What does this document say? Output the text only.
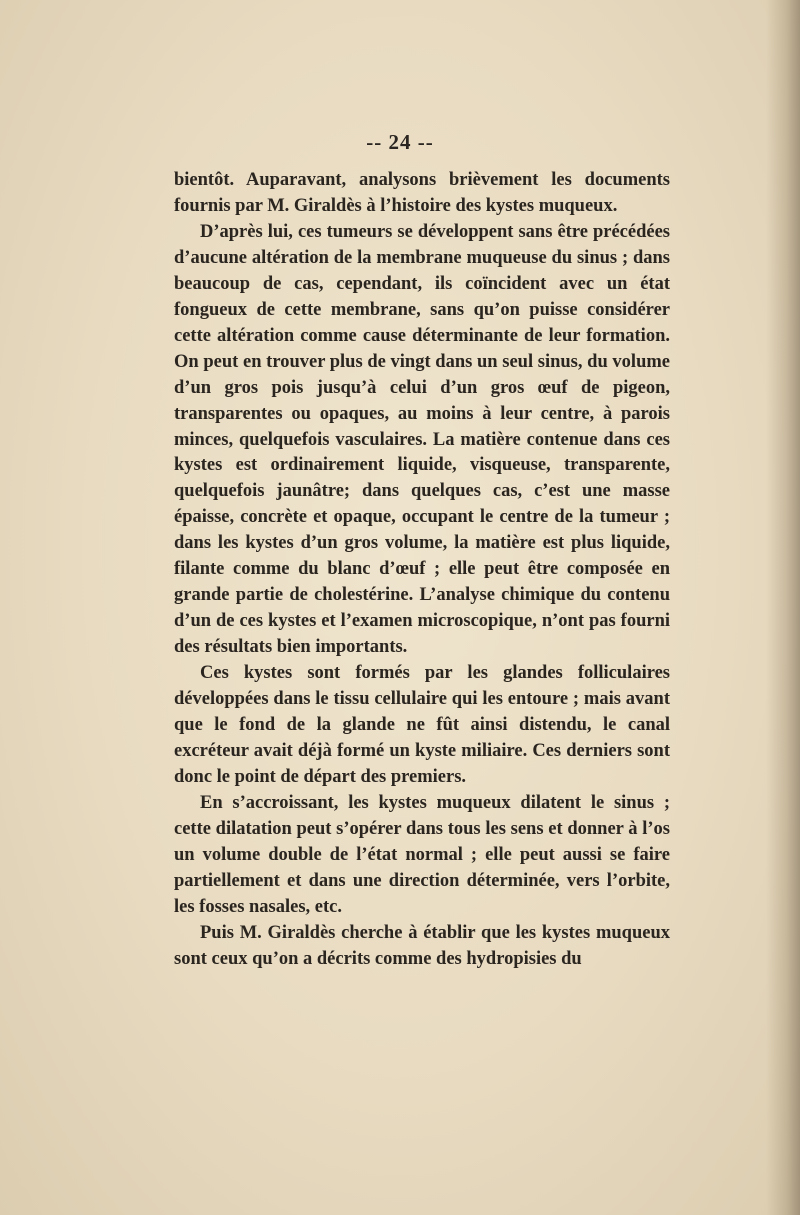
-- 24 --

bientôt. Auparavant, analysons brièvement les documents fournis par M. Giraldès à l’histoire des kystes muqueux.

D’après lui, ces tumeurs se développent sans être précédées d’aucune altération de la membrane muqueuse du sinus ; dans beaucoup de cas, cependant, ils coïncident avec un état fongueux de cette membrane, sans qu’on puisse considérer cette altération comme cause déterminante de leur formation. On peut en trouver plus de vingt dans un seul sinus, du volume d’un gros pois jusqu’à celui d’un gros œuf de pigeon, transparentes ou opaques, au moins à leur centre, à parois minces, quelquefois vasculaires. La matière contenue dans ces kystes est ordinairement liquide, visqueuse, transparente, quelquefois jaunâtre; dans quelques cas, c’est une masse épaisse, concrète et opaque, occupant le centre de la tumeur ; dans les kystes d’un gros volume, la matière est plus liquide, filante comme du blanc d’œuf ; elle peut être composée en grande partie de cholestérine. L’analyse chimique du contenu d’un de ces kystes et l’examen microscopique, n’ont pas fourni des résultats bien importants.

Ces kystes sont formés par les glandes folliculaires développées dans le tissu cellulaire qui les entoure ; mais avant que le fond de la glande ne fût ainsi distendu, le canal excréteur avait déjà formé un kyste miliaire. Ces derniers sont donc le point de départ des premiers.

En s’accroissant, les kystes muqueux dilatent le sinus ; cette dilatation peut s’opérer dans tous les sens et donner à l’os un volume double de l’état normal ; elle peut aussi se faire partiellement et dans une direction déterminée, vers l’orbite, les fosses nasales, etc.

Puis M. Giraldès cherche à établir que les kystes muqueux sont ceux qu’on a décrits comme des hydropisies du
